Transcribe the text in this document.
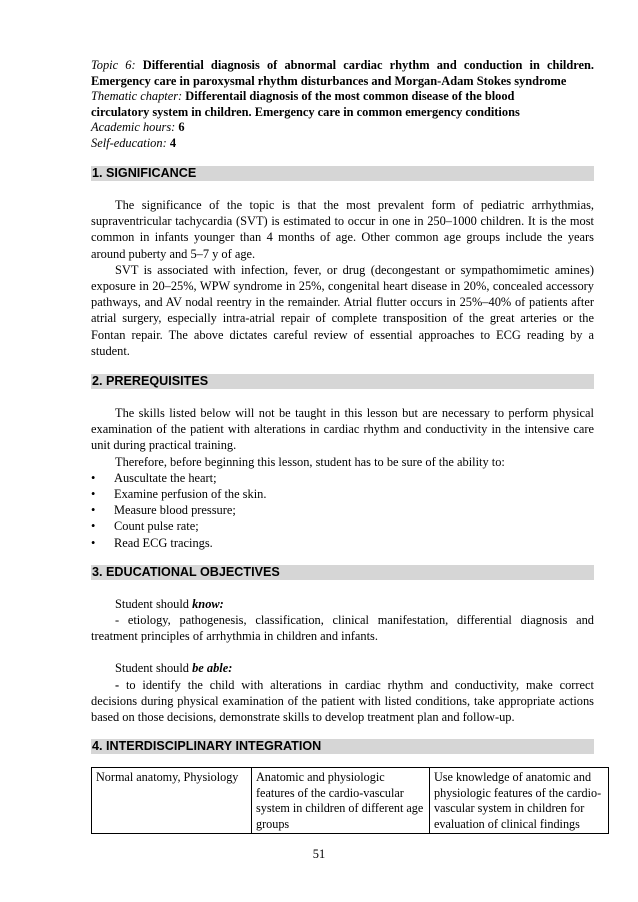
Topic 6: Differential diagnosis of abnormal cardiac rhythm and conduction in children.
Emergency care in paroxysmal rhythm disturbances and Morgan-Adam Stokes syndrome
Thematic chapter: Differentail diagnosis of the most common disease of the blood
circulatory system in children. Emergency care in common emergency conditions
Academic hours: 6
Self-education: 4
1. SIGNIFICANCE
The significance of the topic is that the most prevalent form of pediatric arrhythmias, supraventricular tachycardia (SVT) is estimated to occur in one in 250–1000 children. It is the most common in infants younger than 4 months of age. Other common age groups include the years around puberty and 5–7 y of age.
SVT is associated with infection, fever, or drug (decongestant or sympathomimetic amines) exposure in 20–25%, WPW syndrome in 25%, congenital heart disease in 20%, concealed accessory pathways, and AV nodal reentry in the remainder. Atrial flutter occurs in 25%–40% of patients after atrial surgery, especially intra-atrial repair of complete transposition of the great arteries or the Fontan repair. The above dictates careful review of essential approaches to ECG reading by a student.
2. PREREQUISITES
The skills listed below will not be taught in this lesson but are necessary to perform physical examination of the patient with alterations in cardiac rhythm and conductivity in the intensive care unit during practical training.
Therefore, before beginning this lesson, student has to be sure of the ability to:
•	Auscultate the heart;
•	Examine perfusion of the skin.
•	Measure blood pressure;
•	Count pulse rate;
•	Read ECG tracings.
3. EDUCATIONAL OBJECTIVES
Student should know:
- etiology, pathogenesis, classification, clinical manifestation, differential diagnosis and treatment principles of arrhythmia in children and infants.
Student should be able:
- to identify the child with alterations in cardiac rhythm and conductivity, make correct decisions during physical examination of the patient with listed conditions, take appropriate actions based on those decisions, demonstrate skills to develop treatment plan and follow-up.
4. INTERDISCIPLINARY INTEGRATION
Normal anatomy, Physiology	Anatomic and physiologic features of the cardio-vascular system in children of different age groups	Use knowledge of anatomic and physiologic features of the cardio-vascular system in children for evaluation of clinical findings
51
